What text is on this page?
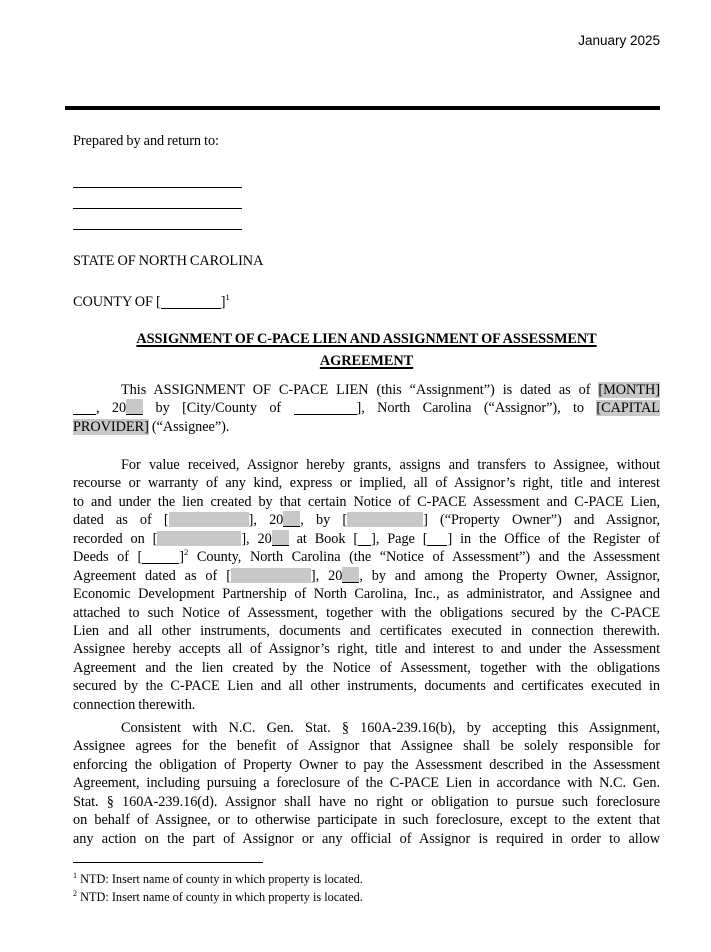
January 2025
Prepared by and return to:
STATE OF NORTH CAROLINA
COUNTY OF [	]$^1$
ASSIGNMENT OF C-PACE LIEN AND ASSIGNMENT OF ASSESSMENT
AGREEMENT
This ASSIGNMENT OF C-PACE LIEN (this “Assignment”) is dated as of [MONTH]
, 20 by [City/County of	], North Carolina (“Assignor”), to [CAPITAL
PROVIDER] (“Assignee”).
For value received, Assignor hereby grants, assigns and transfers to Assignee, without
recourse or warranty of any kind, express or implied, all of Assignor’s right, title and interest
to and under the lien created by that certain Notice of C-PACE Assessment and C-PACE Lien,
dated as of [	], 20 , by [	] (“Property Owner”) and Assignor,
recorded on [	], 20 at Book [ ], Page [ ] in the Office of the Register of
Deeds of [	]$^2$ County, North Carolina (the “Notice of Assessment”) and the Assessment
Agreement dated as of [	], 20 , by and among the Property Owner, Assignor,
Economic Development Partnership of North Carolina, Inc., as administrator, and Assignee and
attached to such Notice of Assessment, together with the obligations secured by the C-PACE
Lien and all other instruments, documents and certificates executed in connection therewith.
Assignee hereby accepts all of Assignor’s right, title and interest to and under the Assessment
Agreement and the lien created by the Notice of Assessment, together with the obligations
secured by the C-PACE Lien and all other instruments, documents and certificates executed in
connection therewith.
Consistent with N.C. Gen. Stat. § 160A-239.16(b), by accepting this Assignment,
Assignee agrees for the benefit of Assignor that Assignee shall be solely responsible for
enforcing the obligation of Property Owner to pay the Assessment described in the Assessment
Agreement, including pursuing a foreclosure of the C-PACE Lien in accordance with N.C. Gen.
Stat. § 160A-239.16(d). Assignor shall have no right or obligation to pursue such foreclosure
on behalf of Assignee, or to otherwise participate in such foreclosure, except to the extent that
any action on the part of Assignor or any official of Assignor is required in order to allow
$^1$ NTD: Insert name of county in which property is located.
$^2$ NTD: Insert name of county in which property is located.
